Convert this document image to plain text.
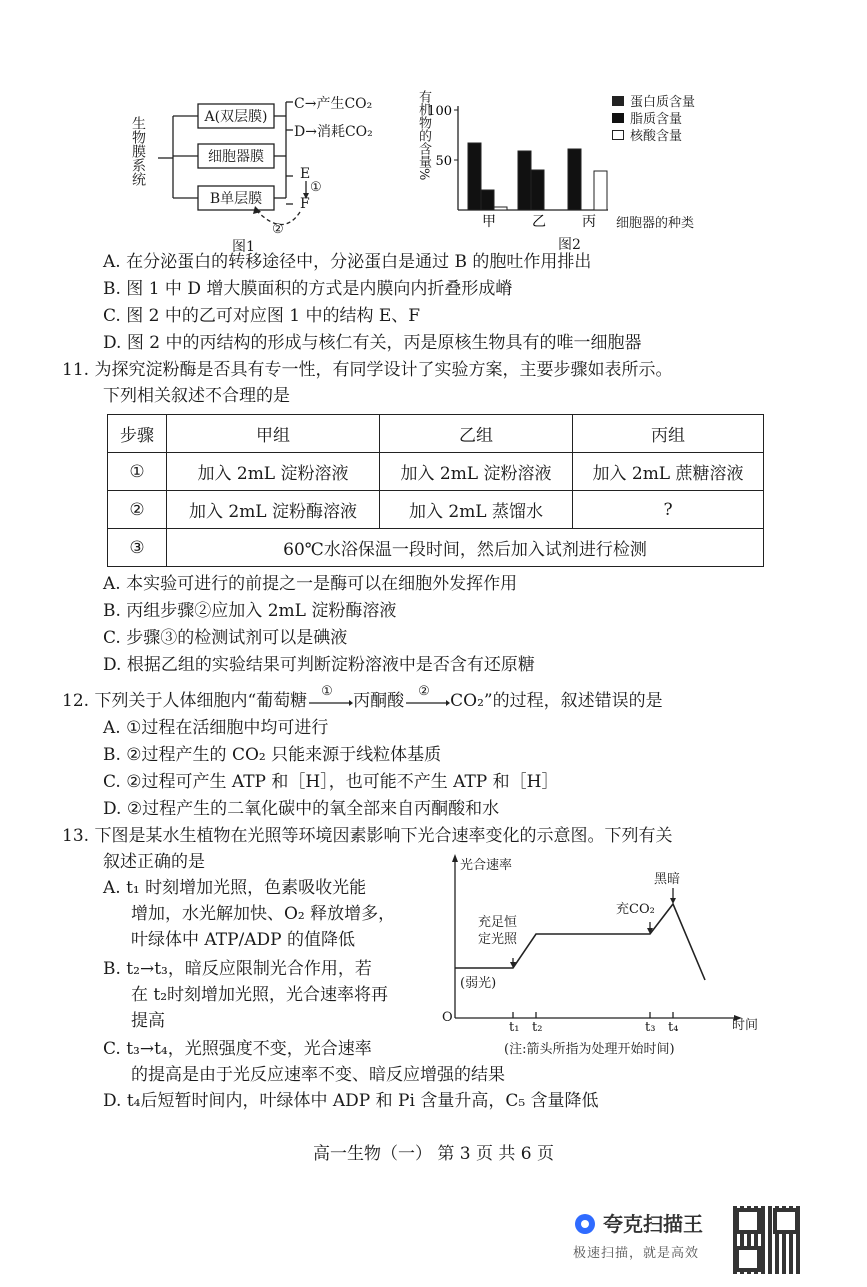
生物膜系统	A(双层膜)
细胞器膜
B单层膜
C→产生CO₂
D→消耗CO₂
E
①
F
②
图1
有机物的含量% 50
100
甲	乙	丙 细胞器的种类
图2
蛋白质含量
脂质含量
核酸含量
A. 在分泌蛋白的转移途径中，分泌蛋白是通过 B 的胞吐作用排出
B. 图 1 中 D 增大膜面积的方式是内膜向内折叠形成嵴
C. 图 2 中的乙可对应图 1 中的结构 E、F
D. 图 2 中的丙结构的形成与核仁有关，丙是原核生物具有的唯一细胞器
11. 为探究淀粉酶是否具有专一性，有同学设计了实验方案，主要步骤如表所示。
下列相关叙述不合理的是
步骤	甲组	乙组	丙组
①	加入 2mL 淀粉溶液	加入 2mL 淀粉溶液	加入 2mL 蔗糖溶液
②	加入 2mL 淀粉酶溶液	加入 2mL 蒸馏水	?
③	60℃水浴保温一段时间，然后加入试剂进行检测		
A. 本实验可进行的前提之一是酶可以在细胞外发挥作用
B. 丙组步骤②应加入 2mL 淀粉酶溶液
C. 步骤③的检测试剂可以是碘液
D. 根据乙组的实验结果可判断淀粉溶液中是否含有还原糖
12. 下列关于人体细胞内“葡萄糖 ① 丙酮酸 ② CO₂”的过程，叙述错误的是
A. ①过程在活细胞中均可进行
B. ②过程产生的 CO₂ 只能来源于线粒体基质
C. ②过程可产生 ATP 和［H］，也可能不产生 ATP 和［H］
D. ②过程产生的二氧化碳中的氧全部来自丙酮酸和水
13. 下图是某水生植物在光照等环境因素影响下光合速率变化的示意图。下列有关
叙述正确的是
A. t₁ 时刻增加光照，色素吸收光能
增加，水光解加快、O₂ 释放增多，
叶绿体中 ATP/ADP 的值降低
B. t₂→t₃，暗反应限制光合作用，若
在 t₂时刻增加光照，光合速率将再
提高
C. t₃→t₄，光照强度不变，光合速率
的提高是由于光反应速率不变、暗反应增强的结果
D. t₄后短暂时间内，叶绿体中 ADP 和 Pi 含量升高，C₅ 含量降低
光合速率
黑暗
充CO₂
充足恒定光照
(弱光)
O
t₁ t₂	t₃ t₄	时间
(注:箭头所指为处理开始时间)
高一生物（一） 第 3 页 共 6 页
夸克扫描王
极速扫描，就是高效
